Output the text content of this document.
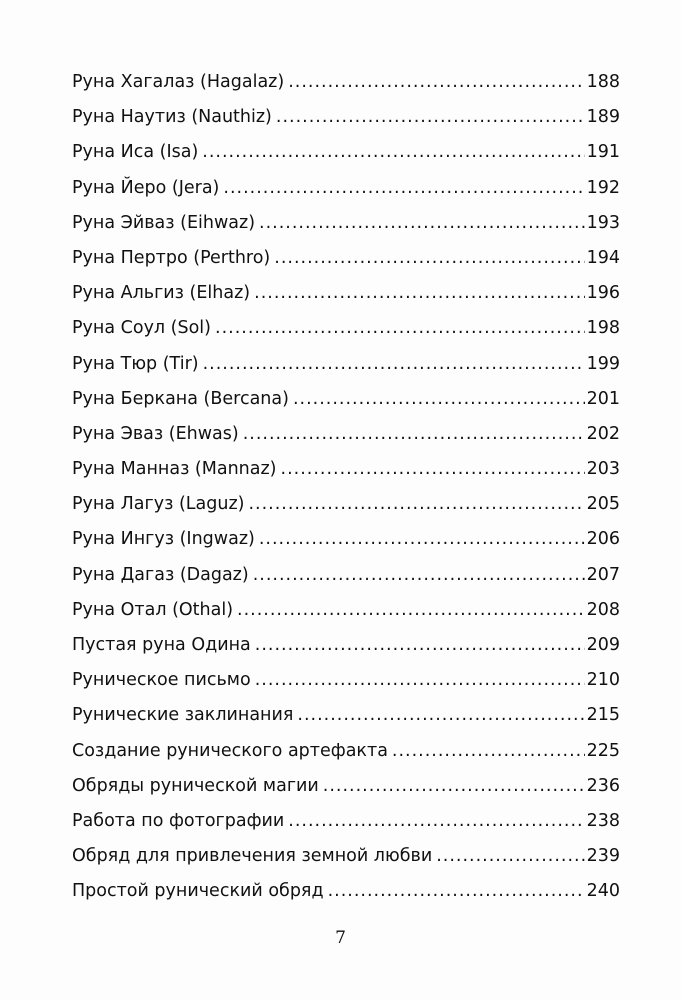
Руна Хагалаз (Hagalaz) .....	188
Руна Наутиз (Nauthiz) .....	189
Руна Иса (Isa) .....	191
Руна Йеро (Jera) .....	192
Руна Эйваз (Eihwaz) .....	193
Руна Пертро (Perthro) .....	194
Руна Альгиз (Elhaz) .....	196
Руна Соул (Sol) .....	198
Руна Тюр (Tir) .....	199
Руна Беркана (Bercana) .....	201
Руна Эваз (Ehwas) .....	202
Руна Манназ (Mannaz) .....	203
Руна Лагуз (Laguz) .....	205
Руна Ингуз (Ingwaz) .....	206
Руна Дагаз (Dagaz) .....	207
Руна Отал (Othal) .....	208
Пустая руна Одина .....	209
Руническое письмо .....	210
Рунические заклинания .....	215
Создание рунического артефакта .....	225
Обряды рунической магии .....	236
Работа по фотографии .....	238
Обряд для привлечения земной любви .....	239
Простой рунический обряд .....	240
7
